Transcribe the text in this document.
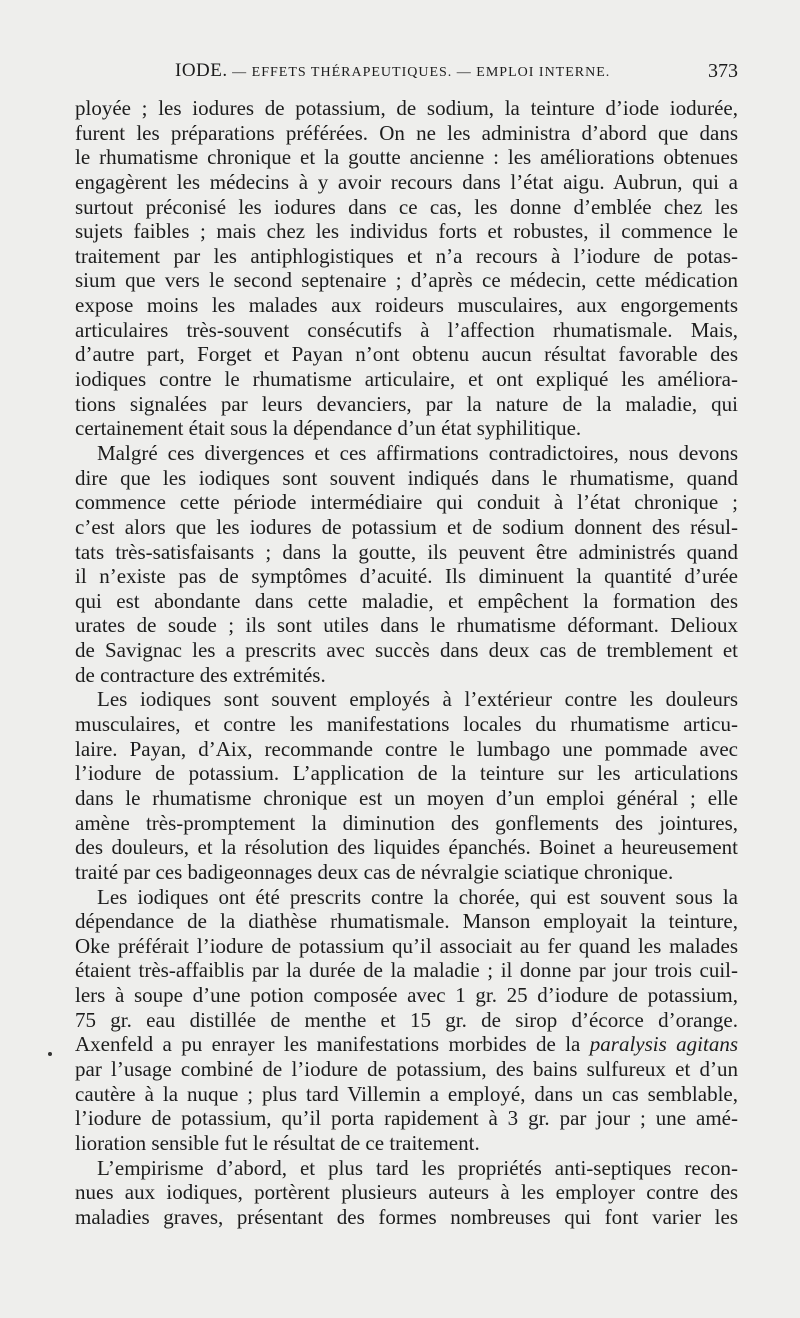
IODE. — EFFETS THÉRAPEUTIQUES. — EMPLOI INTERNE.	373
ployée ; les iodures de potassium, de sodium, la teinture d’iode iodurée,
furent les préparations préférées. On ne les administra d’abord que dans
le rhumatisme chronique et la goutte ancienne : les améliorations obtenues
engagèrent les médecins à y avoir recours dans l’état aigu. Aubrun, qui a
surtout préconisé les iodures dans ce cas, les donne d’emblée chez les
sujets faibles ; mais chez les individus forts et robustes, il commence le
traitement par les antiphlogistiques et n’a recours à l’iodure de potas-
sium que vers le second septenaire ; d’après ce médecin, cette médication
expose moins les malades aux roideurs musculaires, aux engorgements
articulaires très-souvent consécutifs à l’affection rhumatismale. Mais,
d’autre part, Forget et Payan n’ont obtenu aucun résultat favorable des
iodiques contre le rhumatisme articulaire, et ont expliqué les améliora-
tions signalées par leurs devanciers, par la nature de la maladie, qui
certainement était sous la dépendance d’un état syphilitique.
Malgré ces divergences et ces affirmations contradictoires, nous devons
dire que les iodiques sont souvent indiqués dans le rhumatisme, quand
commence cette période intermédiaire qui conduit à l’état chronique ;
c’est alors que les iodures de potassium et de sodium donnent des résul-
tats très-satisfaisants ; dans la goutte, ils peuvent être administrés quand
il n’existe pas de symptômes d’acuité. Ils diminuent la quantité d’urée
qui est abondante dans cette maladie, et empêchent la formation des
urates de soude ; ils sont utiles dans le rhumatisme déformant. Delioux
de Savignac les a prescrits avec succès dans deux cas de tremblement et
de contracture des extrémités.
Les iodiques sont souvent employés à l’extérieur contre les douleurs
musculaires, et contre les manifestations locales du rhumatisme articu-
laire. Payan, d’Aix, recommande contre le lumbago une pommade avec
l’iodure de potassium. L’application de la teinture sur les articulations
dans le rhumatisme chronique est un moyen d’un emploi général ; elle
amène très-promptement la diminution des gonflements des jointures,
des douleurs, et la résolution des liquides épanchés. Boinet a heureusement
traité par ces badigeonnages deux cas de névralgie sciatique chronique.
Les iodiques ont été prescrits contre la chorée, qui est souvent sous la
dépendance de la diathèse rhumatismale. Manson employait la teinture,
Oke préférait l’iodure de potassium qu’il associait au fer quand les malades
étaient très-affaiblis par la durée de la maladie ; il donne par jour trois cuil-
lers à soupe d’une potion composée avec 1 gr. 25 d’iodure de potassium,
75 gr. eau distillée de menthe et 15 gr. de sirop d’écorce d’orange.
Axenfeld a pu enrayer les manifestations morbides de la paralysis agitans
par l’usage combiné de l’iodure de potassium, des bains sulfureux et d’un
cautère à la nuque ; plus tard Villemin a employé, dans un cas semblable,
l’iodure de potassium, qu’il porta rapidement à 3 gr. par jour ; une amé-
lioration sensible fut le résultat de ce traitement.
L’empirisme d’abord, et plus tard les propriétés anti-septiques recon-
nues aux iodiques, portèrent plusieurs auteurs à les employer contre des
maladies graves, présentant des formes nombreuses qui font varier les
